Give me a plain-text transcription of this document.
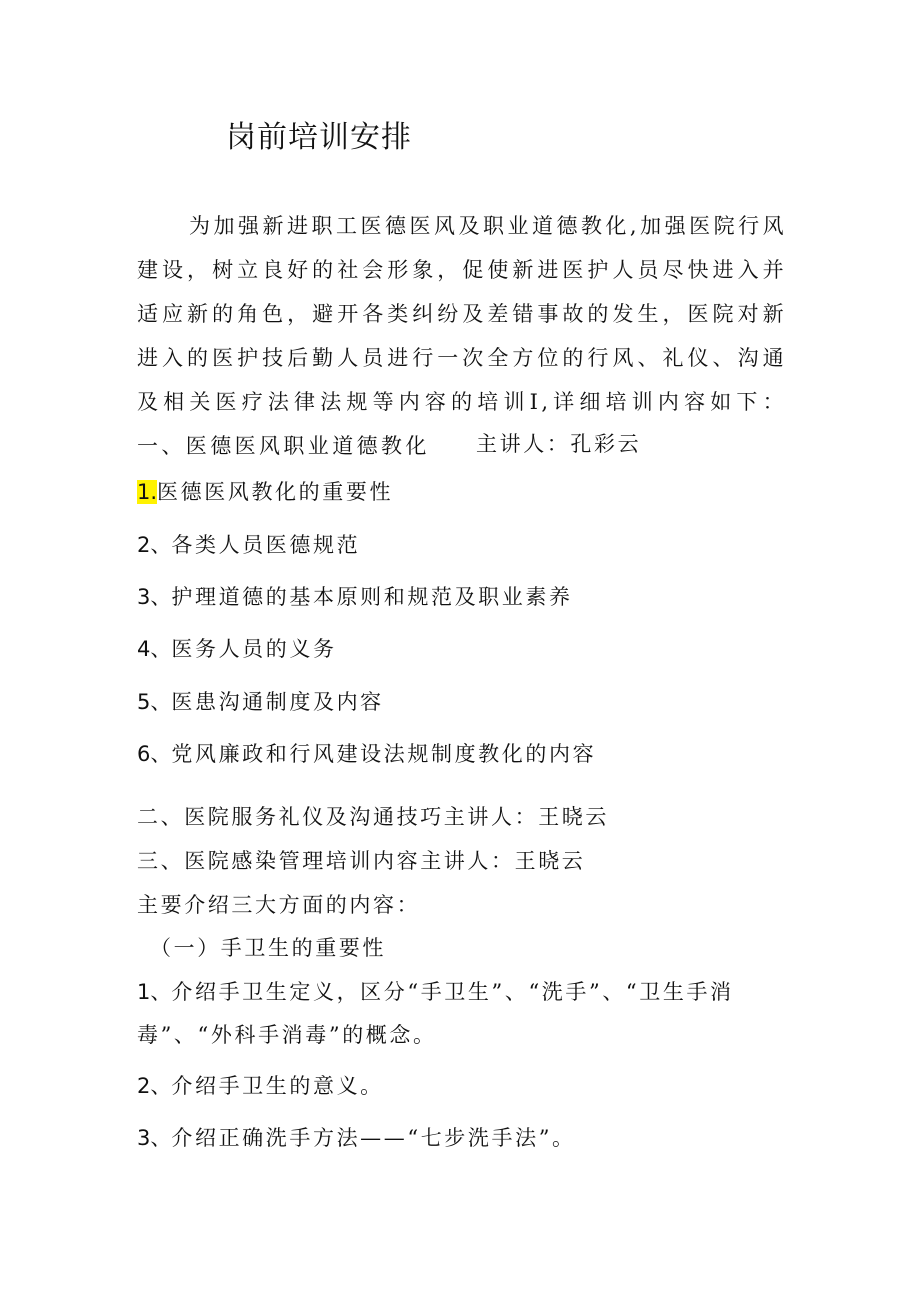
岗前培训安排
为加强新进职工医德医风及职业道德教化,加强医院行风建设，树立良好的社会形象，促使新进医护人员尽快进入并适应新的角色，避开各类纠纷及差错事故的发生，医院对新进入的医护技后勤人员进行一次全方位的行风、礼仪、沟通及相关医疗法律法规等内容的培训I,详细培训内容如下：一、医德医风职业道德教化	主讲人：孔彩云
1.医德医风教化的重要性
2、各类人员医德规范
3、护理道德的基本原则和规范及职业素养
4、医务人员的义务
5、医患沟通制度及内容
6、党风廉政和行风建设法规制度教化的内容
二、医院服务礼仪及沟通技巧主讲人：王晓云
三、医院感染管理培训内容主讲人：王晓云
主要介绍三大方面的内容：
（一）手卫生的重要性
1、介绍手卫生定义，区分“手卫生”、“洗手”、“卫生手消
毒”、“外科手消毒”的概念。
2、介绍手卫生的意义。
3、介绍正确洗手方法——“七步洗手法”。
